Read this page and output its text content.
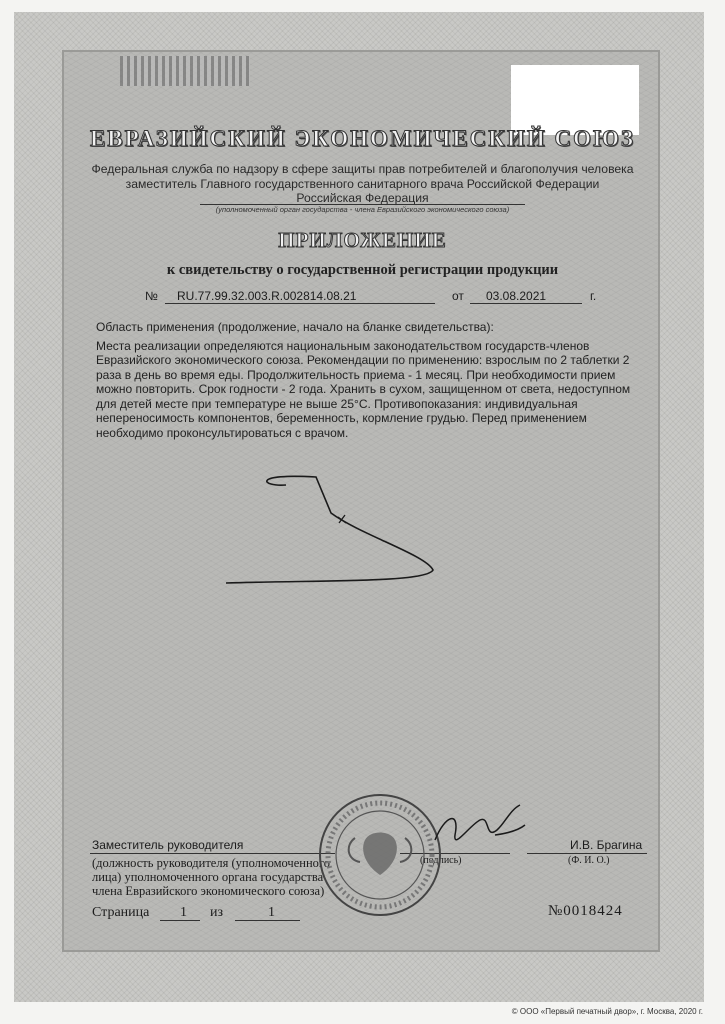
ЕВРАЗИЙСКИЙ ЭКОНОМИЧЕСКИЙ СОЮЗ
Федеральная служба по надзору в сфере защиты прав потребителей и благополучия человека
заместитель Главного государственного санитарного врача Российской Федерации
Российская Федерация
(уполномоченный орган государства - члена Евразийского экономического союза)
ПРИЛОЖЕНИЕ
к свидетельству о государственной регистрации продукции
№ RU.77.99.32.003.R.002814.08.21	от 03.08.2021	г.

Область применения (продолжение, начало на бланке свидетельства):

Места реализации определяются национальным законодательством государств-членов Евразийского экономического союза. Рекомендации по применению: взрослым по 2 таблетки 2 раза в день во время еды. Продолжительность приема - 1 месяц. При необходимости прием можно повторить. Срок годности - 2 года. Хранить в сухом, защищенном от света, недоступном для детей месте при температуре не выше 25°С. Противопоказания: индивидуальная непереносимость компонентов, беременность, кормление грудью. Перед применением необходимо проконсультироваться с врачом.

Заместитель руководителя	И.В. Брагина
(должность руководителя (уполномоченного
лица) уполномоченного органа государства
члена Евразийского экономического союза)
(подпись)	(Ф. И. О.)
Страница 1 из	1	№0018424
© ООО «Первый печатный двор», г. Москва, 2020 г.
